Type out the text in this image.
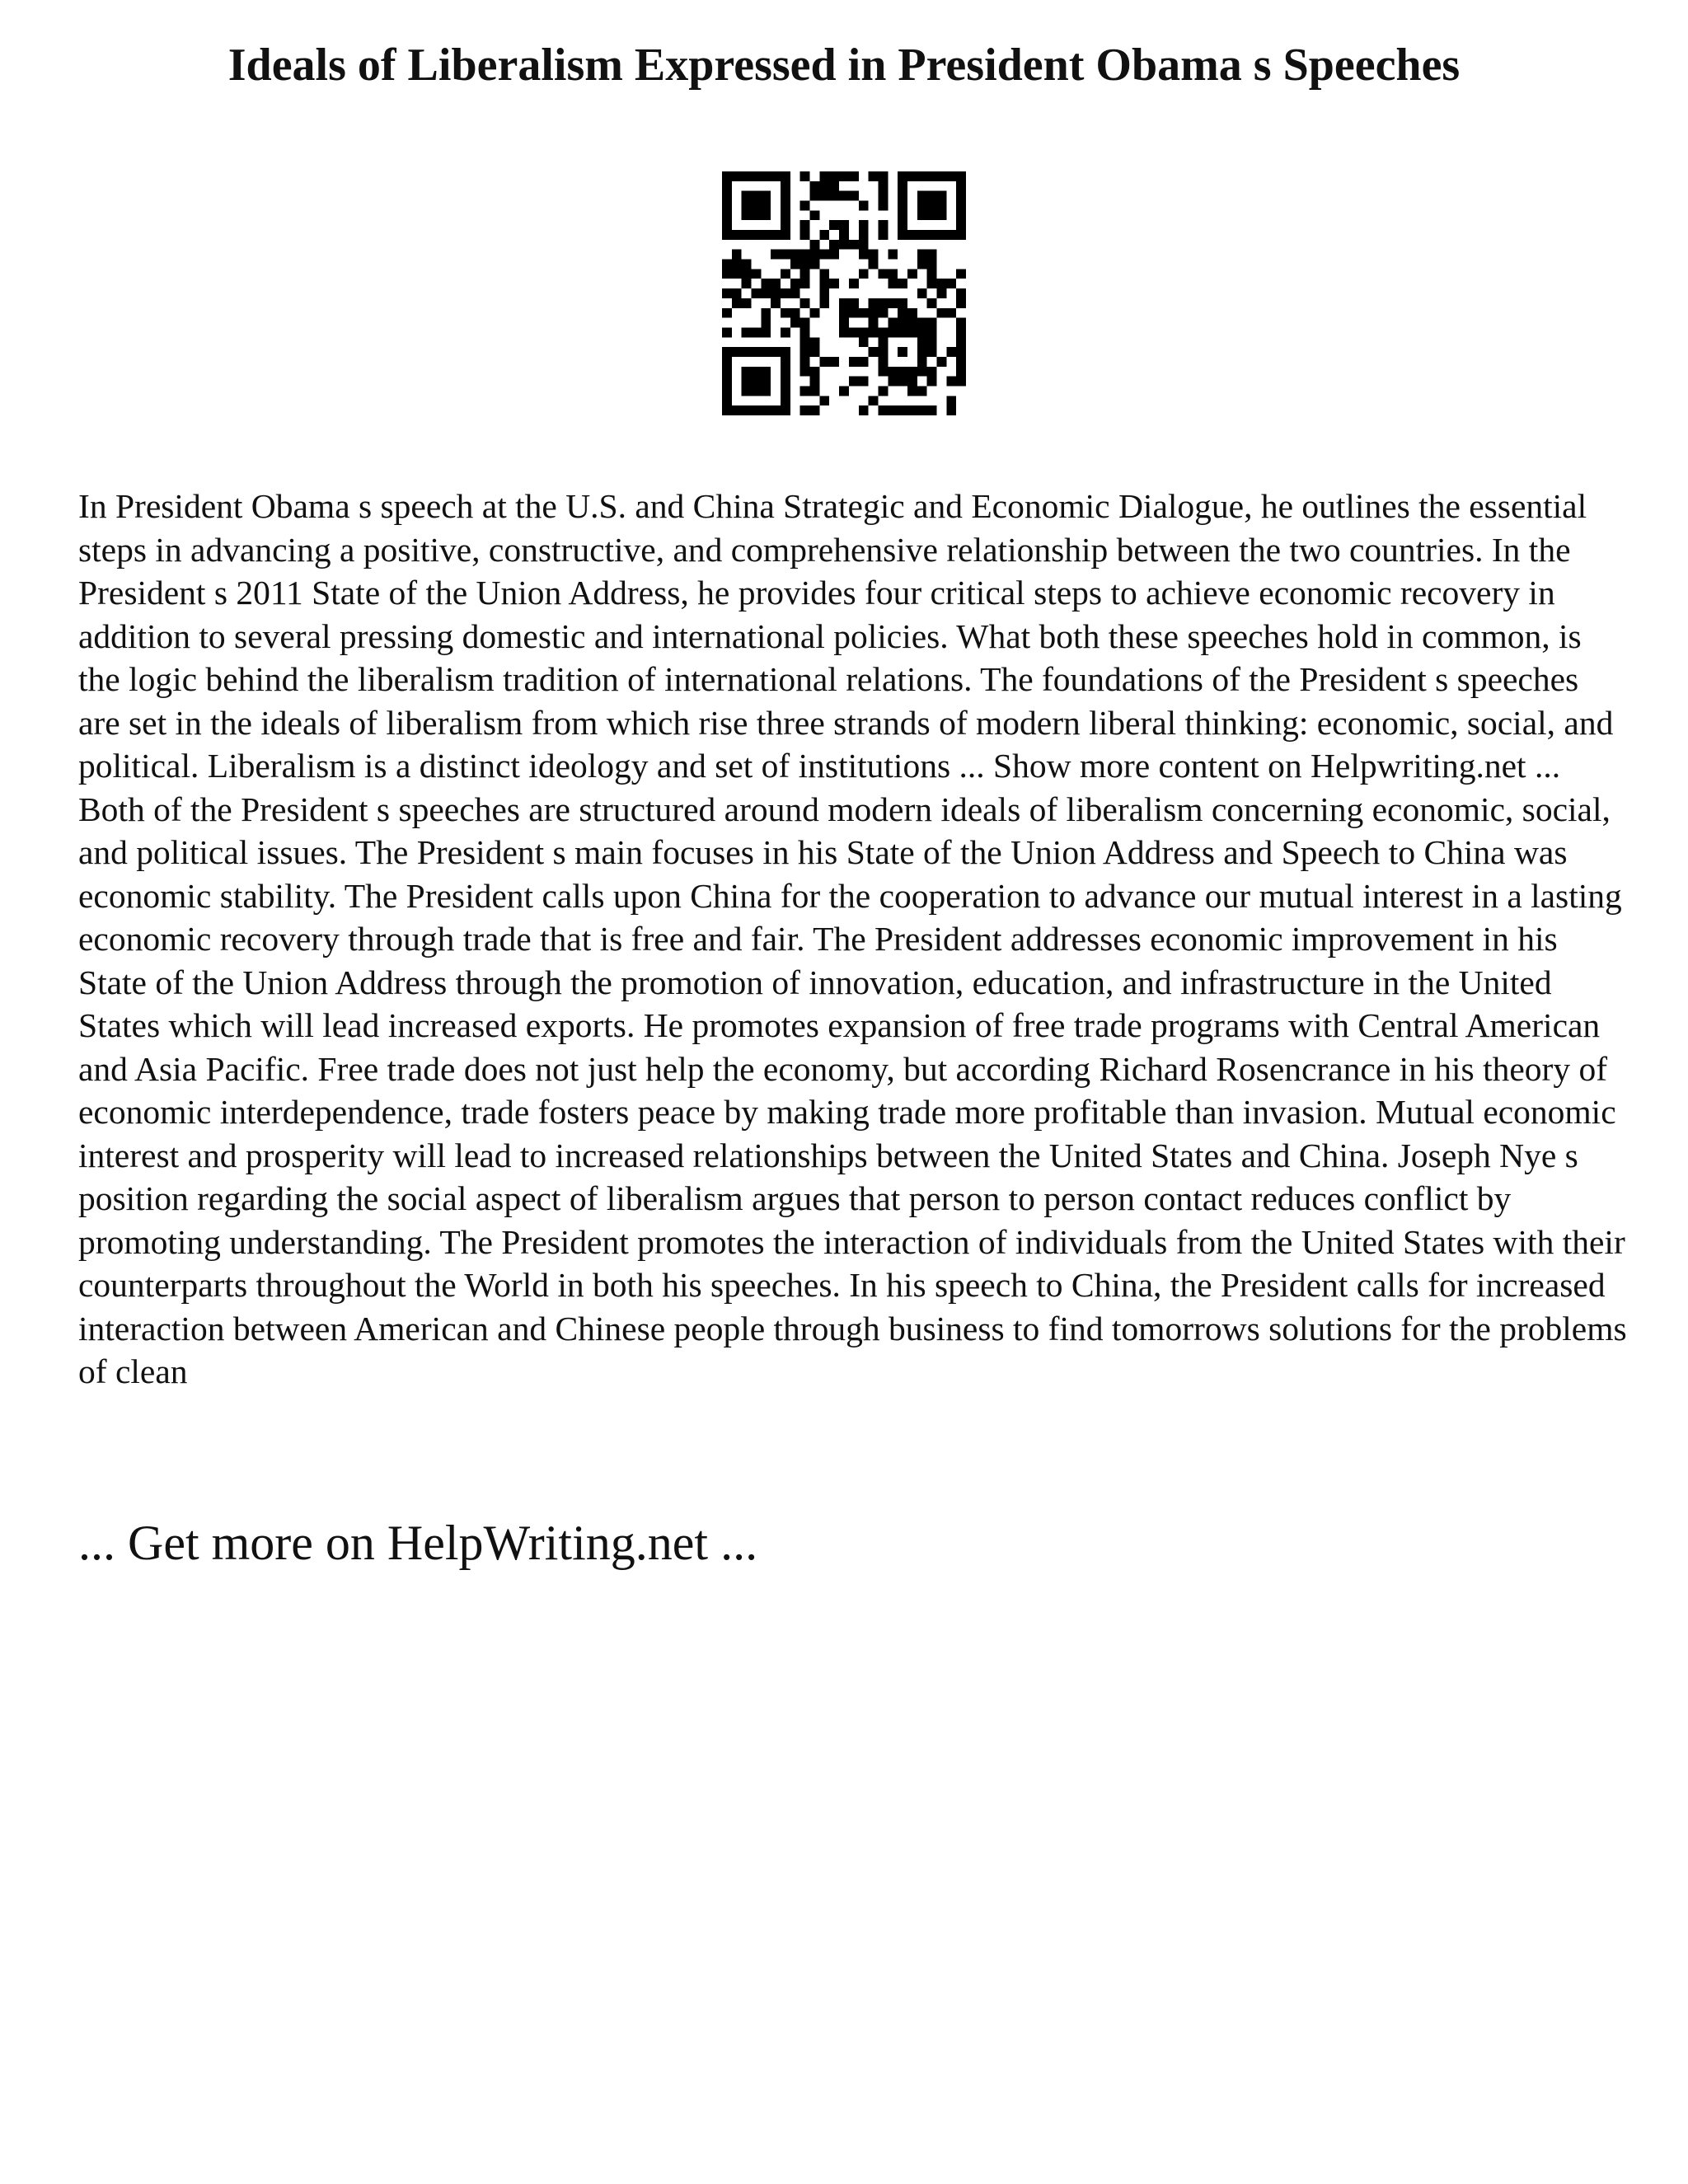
Ideals of Liberalism Expressed in President Obama s Speeches

In President Obama s speech at the U.S. and China Strategic and Economic Dialogue, he outlines the essential steps in advancing a positive, constructive, and comprehensive relationship between the two countries. In the President s 2011 State of the Union Address, he provides four critical steps to achieve economic recovery in addition to several pressing domestic and international policies. What both these speeches hold in common, is the logic behind the liberalism tradition of international relations. The foundations of the President s speeches are set in the ideals of liberalism from which rise three strands of modern liberal thinking: economic, social, and political. Liberalism is a distinct ideology and set of institutions ... Show more content on Helpwriting.net ...

Both of the President s speeches are structured around modern ideals of liberalism concerning economic, social, and political issues. The President s main focuses in his State of the Union Address and Speech to China was economic stability. The President calls upon China for the cooperation to advance our mutual interest in a lasting economic recovery through trade that is free and fair. The President addresses economic improvement in his State of the Union Address through the promotion of innovation, education, and infrastructure in the United States which will lead increased exports. He promotes expansion of free trade programs with Central American and Asia Pacific. Free trade does not just help the economy, but according Richard Rosencrance in his theory of economic interdependence, trade fosters peace by making trade more profitable than invasion. Mutual economic interest and prosperity will lead to increased relationships between the United States and China. Joseph Nye s position regarding the social aspect of liberalism argues that person to person contact reduces conflict by promoting understanding. The President promotes the interaction of individuals from the United States with their counterparts throughout the World in both his speeches. In his speech to China, the President calls for increased interaction between American and Chinese people through business to find tomorrows solutions for the problems of clean

... Get more on HelpWriting.net ...
